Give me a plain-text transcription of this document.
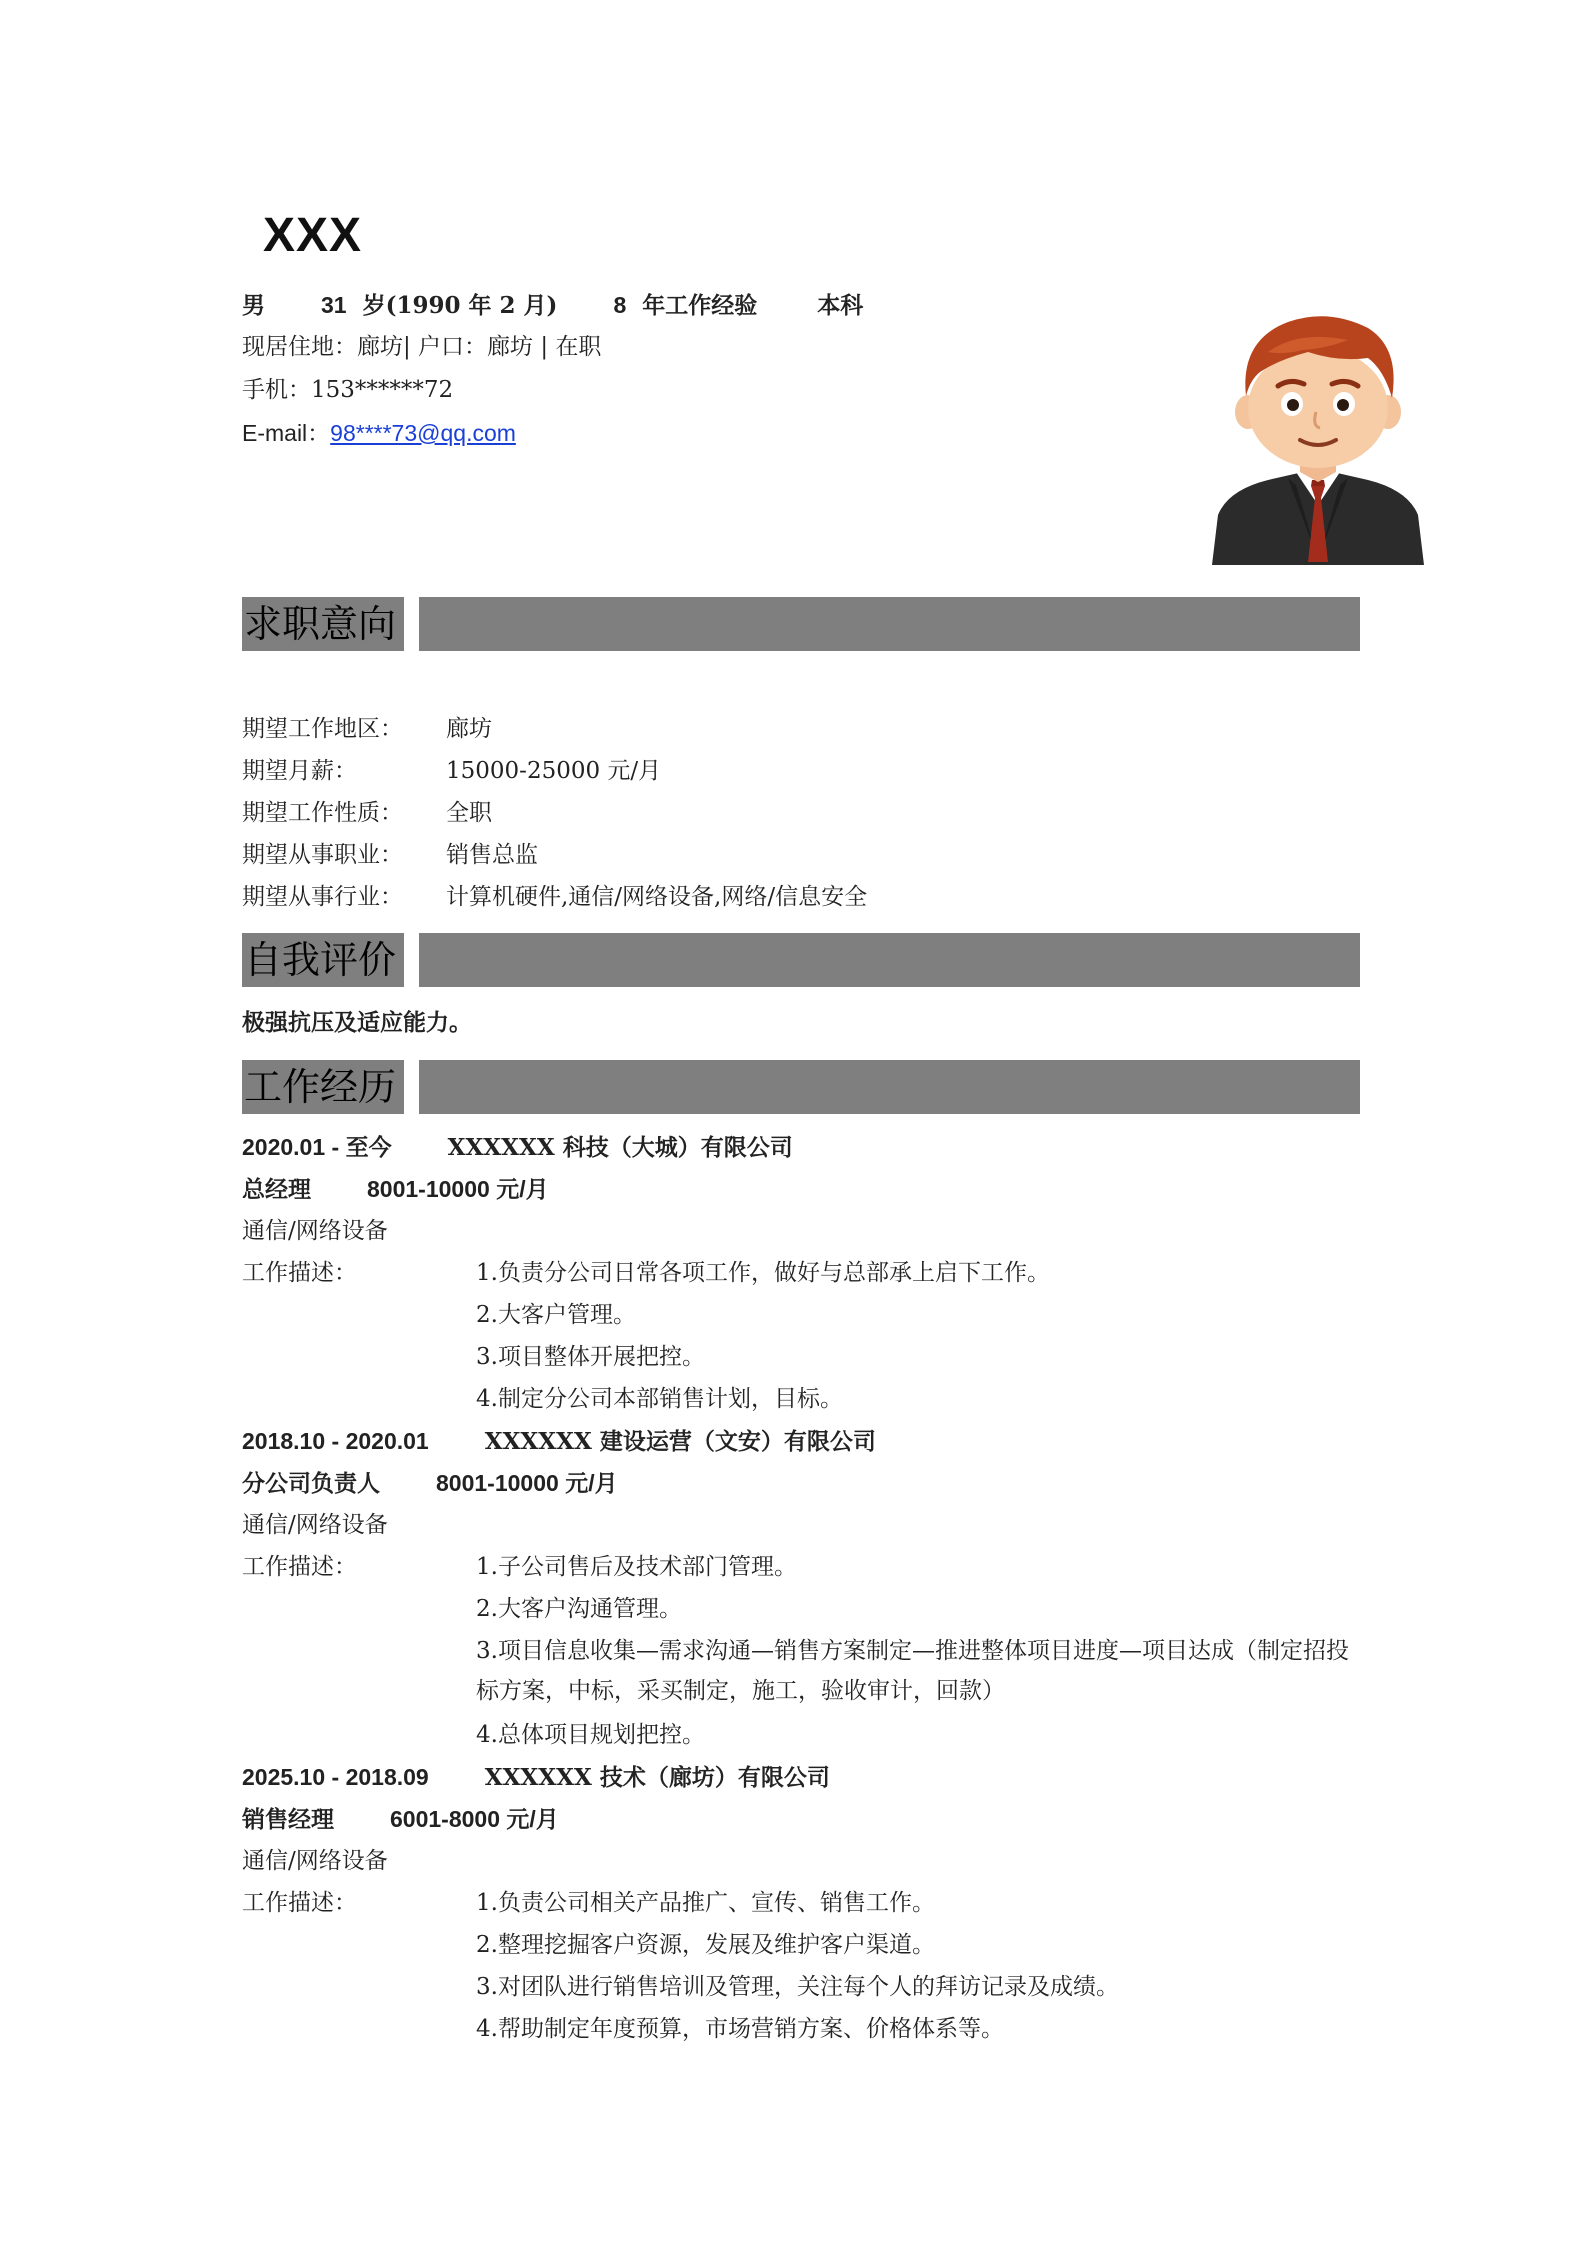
XXX
男 31 岁(1990 年 2 月) 8 年工作经验	本科
现居住地：廊坊| 户口：廊坊 | 在职
手机：153******72
E-mail：98****73@qq.com
求职意向
期望工作地区： 廊坊
期望月薪：	15000-25000 元/月
期望工作性质： 全职
期望从事职业： 销售总监
期望从事行业： 计算机硬件,通信/网络设备,网络/信息安全
自我评价
极强抗压及适应能力。
工作经历
2020.01 - 至今 XXXXXX 科技（大城）有限公司
总经理 8001-10000 元/月
通信/网络设备
工作描述：	1.负责分公司日常各项工作，做好与总部承上启下工作。
2.大客户管理。
3.项目整体开展把控。
4.制定分公司本部销售计划，目标。
2018.10 - 2020.01 XXXXXX 建设运营（文安）有限公司
分公司负责人 8001-10000 元/月
通信/网络设备
工作描述：	1.子公司售后及技术部门管理。
2.大客户沟通管理。
3.项目信息收集—需求沟通—销售方案制定—推进整体项目进度—项目达成（制定招投标方案，中标，采买制定，施工，验收审计，回款）
4.总体项目规划把控。
2025.10 - 2018.09 XXXXXX 技术（廊坊）有限公司
销售经理 6001-8000 元/月
通信/网络设备
工作描述：	1.负责公司相关产品推广、宣传、销售工作。
2.整理挖掘客户资源，发展及维护客户渠道。
3.对团队进行销售培训及管理，关注每个人的拜访记录及成绩。
4.帮助制定年度预算，市场营销方案、价格体系等。
